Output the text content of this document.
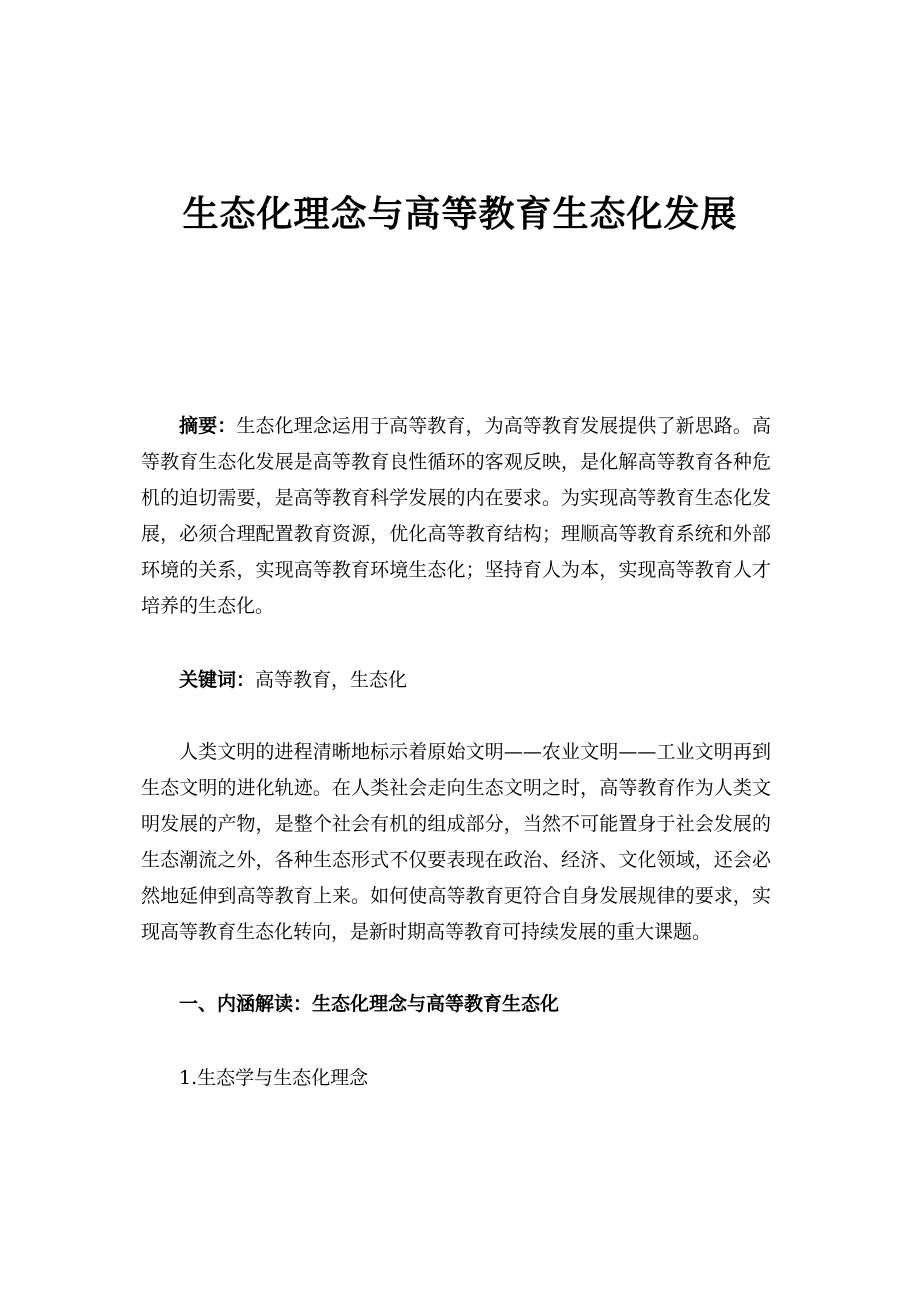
生态化理念与高等教育生态化发展

摘要：生态化理念运用于高等教育，为高等教育发展提供了新思路。高等教育生态化发展是高等教育良性循环的客观反映，是化解高等教育各种危机的迫切需要，是高等教育科学发展的内在要求。为实现高等教育生态化发展，必须合理配置教育资源，优化高等教育结构；理顺高等教育系统和外部环境的关系，实现高等教育环境生态化；坚持育人为本，实现高等教育人才培养的生态化。

关键词：高等教育，生态化

人类文明的进程清晰地标示着原始文明——农业文明——工业文明再到生态文明的进化轨迹。在人类社会走向生态文明之时，高等教育作为人类文明发展的产物，是整个社会有机的组成部分，当然不可能置身于社会发展的生态潮流之外，各种生态形式不仅要表现在政治、经济、文化领域，还会必然地延伸到高等教育上来。如何使高等教育更符合自身发展规律的要求，实现高等教育生态化转向，是新时期高等教育可持续发展的重大课题。

一、内涵解读：生态化理念与高等教育生态化
1.生态学与生态化理念
